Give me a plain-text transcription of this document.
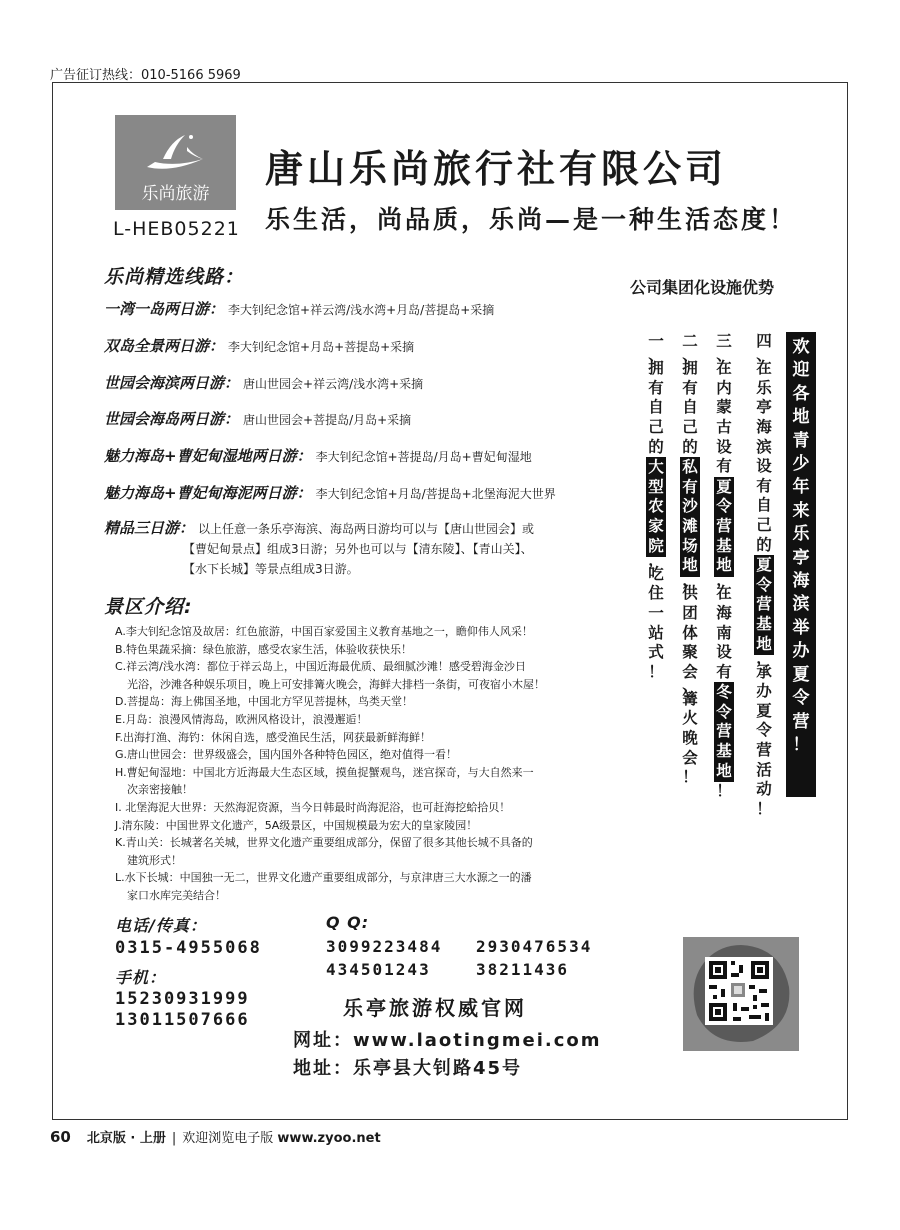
广告征订热线：010-5166 5969
乐尚旅游
L-HEB05221
唐山乐尚旅行社有限公司
乐生活，尚品质，乐尚—是一种生活态度！
乐尚精选线路：
一湾一岛两日游： 李大钊纪念馆+祥云湾/浅水湾+月岛/菩提岛+采摘
双岛全景两日游： 李大钊纪念馆+月岛+菩提岛+采摘
世园会海滨两日游： 唐山世园会+祥云湾/浅水湾+采摘
世园会海岛两日游： 唐山世园会+菩提岛/月岛+采摘
魅力海岛+曹妃甸湿地两日游： 李大钊纪念馆+菩提岛/月岛+曹妃甸湿地
魅力海岛+曹妃甸海泥两日游： 李大钊纪念馆+月岛/菩提岛+北堡海泥大世界
精品三日游： 以上任意一条乐亭海滨、海岛两日游均可以与【唐山世园会】或
【曹妃甸景点】组成3日游；另外也可以与【清东陵】、【青山关】、
【水下长城】等景点组成3日游。
景区介绍:
A.李大钊纪念馆及故居：红色旅游，中国百家爱国主义教育基地之一，瞻仰伟人风采！
B.特色果蔬采摘：绿色旅游，感受农家生活，体验收获快乐！
C.祥云湾/浅水湾：都位于祥云岛上，中国近海最优质、最细腻沙滩！感受碧海金沙日
光浴，沙滩各种娱乐项目，晚上可安排篝火晚会，海鲜大排档一条街，可夜宿小木屋！
D.菩提岛：海上佛国圣地，中国北方罕见菩提林，鸟类天堂！
E.月岛：浪漫风情海岛，欧洲风格设计，浪漫邂逅！
F.出海打渔、海钓：休闲自选，感受渔民生活，网获最新鲜海鲜！
G.唐山世园会：世界级盛会，国内国外各种特色园区，绝对值得一看！
H.曹妃甸湿地：中国北方近海最大生态区域，摸鱼捉蟹观鸟，迷宫探奇，与大自然来一
次亲密接触！
I. 北堡海泥大世界：天然海泥资源，当今日韩最时尚海泥浴，也可赶海挖蛤拾贝！
J.清东陵：中国世界文化遗产，5A级景区，中国规模最为宏大的皇家陵园！
K.青山关：长城著名关城，世界文化遗产重要组成部分，保留了很多其他长城不具备的
建筑形式！
L.水下长城：中国独一无二，世界文化遗产重要组成部分，与京津唐三大水源之一的潘
家口水库完美结合！
公司集团化设施优势
一
、
拥
有
自
己
的
大
型
农
家
院
，
吃
住
一
站
式
！
二
、
拥
有
自
己
的
私
有
沙
滩
场
地
，
供
团
体
聚
会
、
篝
火
晚
会
！
三
、
在
内
蒙
古
设
有
夏
令
营
基
地
，
在
海
南
设
有
冬
令
营
基
地
！
四
、
在
乐
亭
海
滨
设
有
自
己
的
夏
令
营
基
地
，
承
办
夏
令
营
活
动
！
欢
迎
各
地
青
少
年
来
乐
亭
海
滨
举
办
夏
令
营
！
电话/传真：
0315-4955068
手机：
15230931999
13011507666
Q Q:
3099223484 2930476534
434501243	38211436
乐亭旅游权威官网
网址：www.laotingmei.com
地址：乐亭县大钊路45号
60 北京版 · 上册 | 欢迎浏览电子版 www.zyoo.net
